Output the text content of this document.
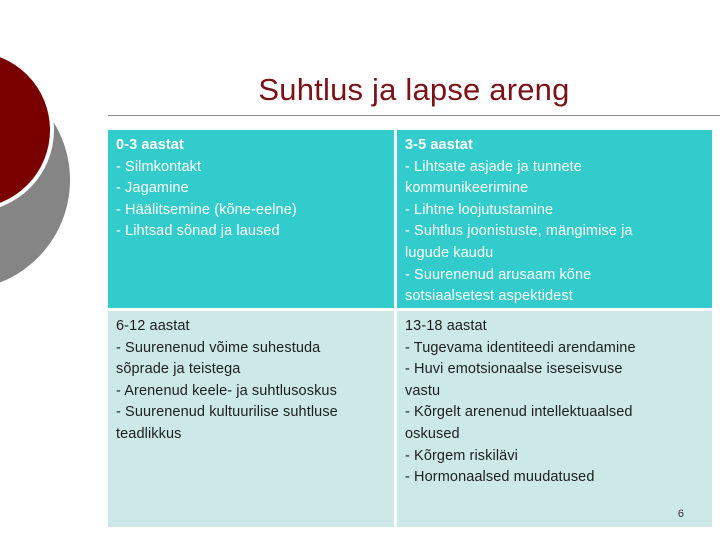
Suhtlus ja lapse areng
0-3 aastat
- Silmkontakt
- Jagamine
- Häälitsemine (kõne-eelne)
- Lihtsad sõnad ja laused
3-5 aastat
- Lihtsate asjade ja tunnete
kommunikeerimine
- Lihtne loojutustamine
- Suhtlus joonistuste, mängimise ja
lugude kaudu
- Suurenenud arusaam kõne
sotsiaalsetest aspektidest
6-12 aastat
- Suurenenud võime suhestuda
sõprade ja teistega
- Arenenud keele- ja suhtlusoskus
- Suurenenud kultuurilise suhtluse
teadlikkus
13-18 aastat
- Tugevama identiteedi arendamine
- Huvi emotsionaalse iseseisvuse
vastu
- Kõrgelt arenenud intellektuaalsed
oskused
- Kõrgem riskilävi
- Hormonaalsed muudatused
6
